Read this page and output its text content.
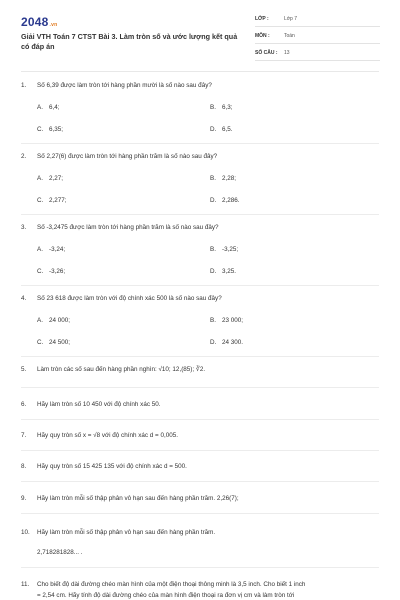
2048.vn
Giải VTH Toán 7 CTST Bài 3. Làm tròn số và ước lượng kết quả có đáp án
LỚP :	Lớp 7
MÔN :	Toán
SỐ CÂU : 13
1. Số 6,39 được làm tròn tới hàng phần mười là số nào sau đây?
A. 6,4;	B. 6,3;
C. 6,35;	D. 6,5.
2. Số 2,27(6) được làm tròn tới hàng phần trăm là số nào sau đây?
A. 2,27;	B. 2,28;
C. 2,277;	D. 2,286.
3. Số -3,2475 được làm tròn tới hàng phần trăm là số nào sau đây?
A. -3,24;	B. -3,25;
C. -3,26;	D. 3,25.
4. Số 23 618 được làm tròn với độ chính xác 500 là số nào sau đây?
A. 24 000;	B. 23 000;
C. 24 500;	D. 24 300.
5. Làm tròn các số sau đến hàng phần nghìn: √10; 12,(85); ∛2.
6. Hãy làm tròn số 10 450 với độ chính xác 50.
7. Hãy quy tròn số x = √8 với độ chính xác d = 0,005.
8. Hãy quy tròn số 15 425 135 với độ chính xác d = 500.
9. Hãy làm tròn mỗi số thập phân vô hạn sau đến hàng phần trăm. 2,26(7);
10. Hãy làm tròn mỗi số thập phân vô hạn sau đến hàng phần trăm.
2,718281828... .
11. Cho biết độ dài đường chéo màn hình của một điện thoại thông minh là 3,5 inch. Cho biết 1 inch
= 2,54 cm. Hãy tính độ dài đường chéo của màn hình điện thoại ra đơn vị cm và làm tròn tới
